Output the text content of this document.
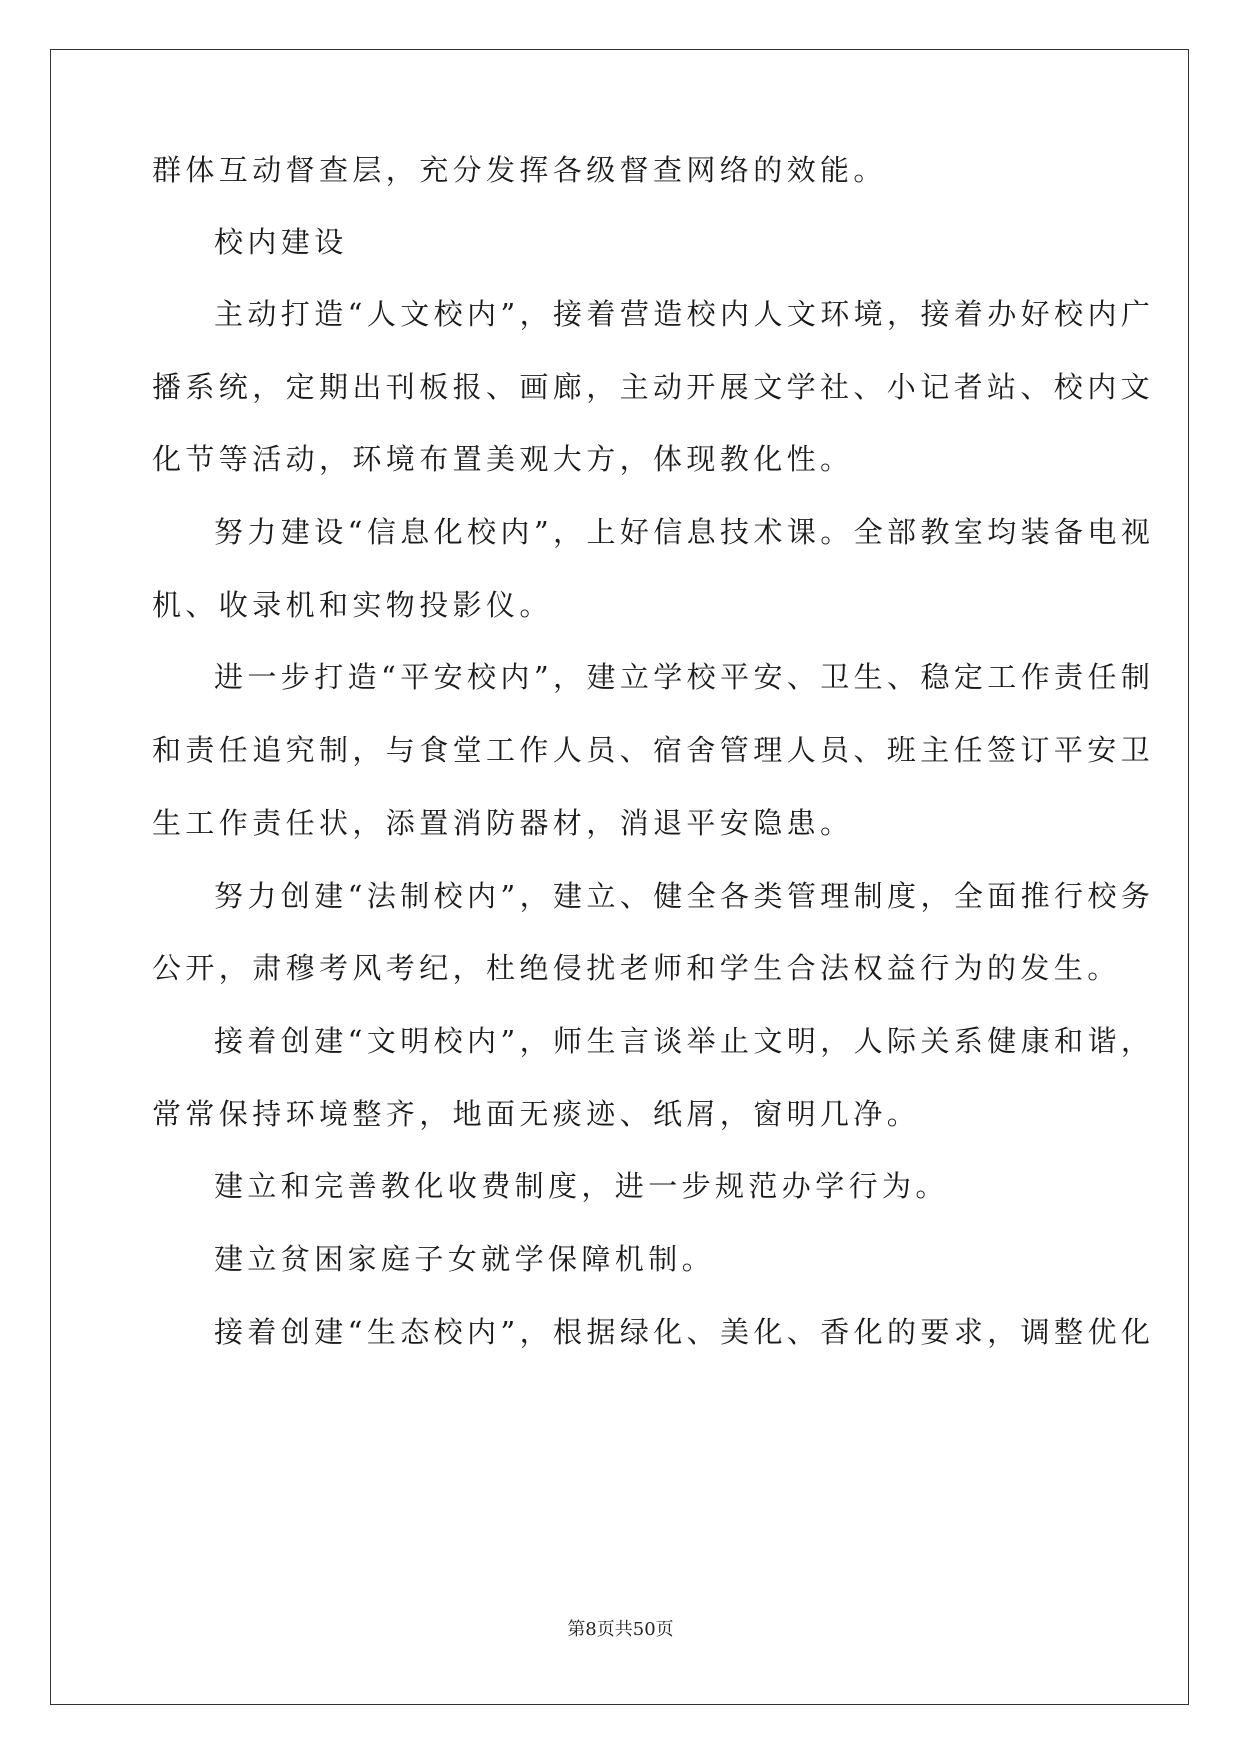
群体互动督查层，充分发挥各级督查网络的效能。
校内建设
主动打造“人文校内”，接着营造校内人文环境，接着办好校内广
播系统，定期出刊板报、画廊，主动开展文学社、小记者站、校内文
化节等活动，环境布置美观大方，体现教化性。
努力建设“信息化校内”，上好信息技术课。全部教室均装备电视
机、收录机和实物投影仪。
进一步打造“平安校内”，建立学校平安、卫生、稳定工作责任制
和责任追究制，与食堂工作人员、宿舍管理人员、班主任签订平安卫
生工作责任状，添置消防器材，消退平安隐患。
努力创建“法制校内”，建立、健全各类管理制度，全面推行校务
公开，肃穆考风考纪，杜绝侵扰老师和学生合法权益行为的发生。
接着创建“文明校内”，师生言谈举止文明，人际关系健康和谐，
常常保持环境整齐，地面无痰迹、纸屑，窗明几净。
建立和完善教化收费制度，进一步规范办学行为。
建立贫困家庭子女就学保障机制。
接着创建“生态校内”，根据绿化、美化、香化的要求，调整优化
第8页共50页
